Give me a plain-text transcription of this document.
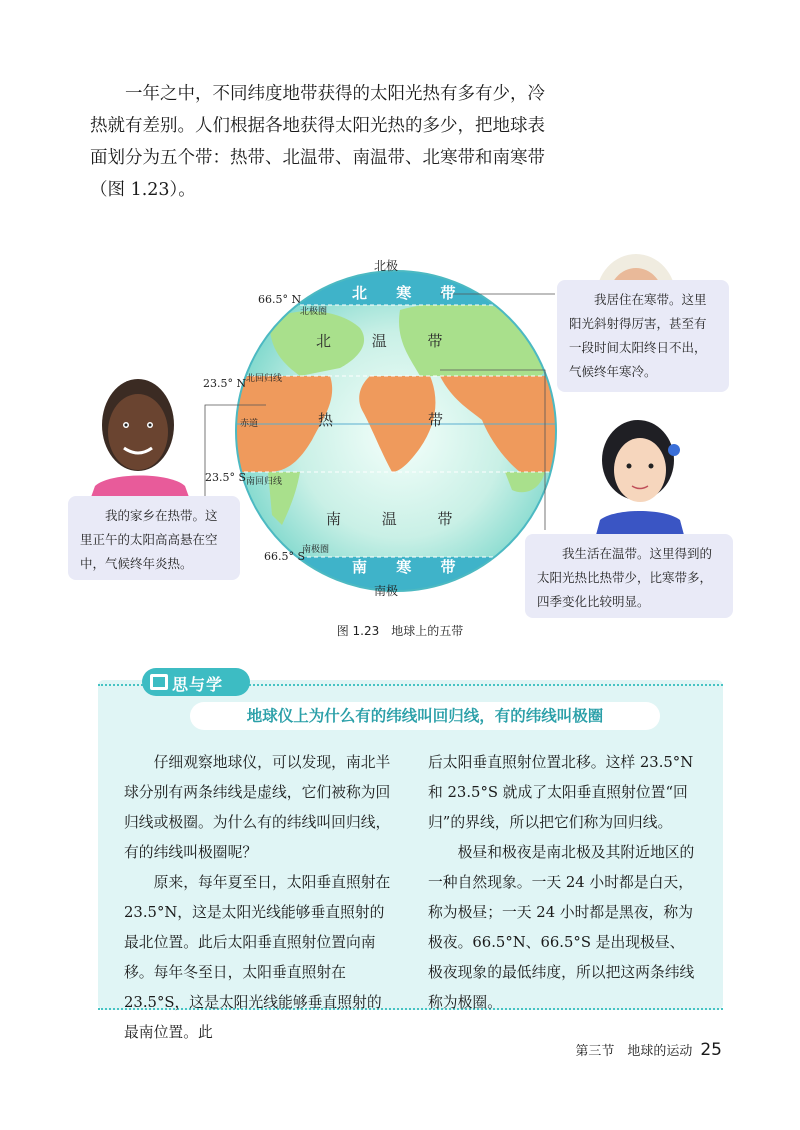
一年之中，不同纬度地带获得的太阳光热有多有少，冷热就有差别。人们根据各地获得太阳光热的多少，把地球表面划分为五个带：热带、北温带、南温带、北寒带和南寒带（图 1.23）。

北极
南极
66.5° N
23.5° N
23.5° S
66.5° S
北极圈
北回归线
赤道
南回归线
南极圈
北 寒 带
北 温 带
热	带
南 温 带
南 寒 带

我居住在寒带。这里阳光斜射得厉害，甚至有一段时间太阳终日不出，气候终年寒冷。

我的家乡在热带。这里正午的太阳高高悬在空中，气候终年炎热。

我生活在温带。这里得到的太阳光热比热带少，比寒带多，四季变化比较明显。

图 1.23　地球上的五带
思与学
地球仪上为什么有的纬线叫回归线，有的纬线叫极圈

仔细观察地球仪，可以发现，南北半球分别有两条纬线是虚线，它们被称为回归线或极圈。为什么有的纬线叫回归线，有的纬线叫极圈呢？

原来，每年夏至日，太阳垂直照射在 23.5°N，这是太阳光线能够垂直照射的最北位置。此后太阳垂直照射位置向南移。每年冬至日，太阳垂直照射在 23.5°S，这是太阳光线能够垂直照射的最南位置。此

后太阳垂直照射位置北移。这样 23.5°N 和 23.5°S 就成了太阳垂直照射位置“回归”的界线，所以把它们称为回归线。

极昼和极夜是南北极及其附近地区的一种自然现象。一天 24 小时都是白天，称为极昼；一天 24 小时都是黑夜，称为极夜。66.5°N、66.5°S 是出现极昼、极夜现象的最低纬度，所以把这两条纬线称为极圈。

第三节　地球的运动 25
